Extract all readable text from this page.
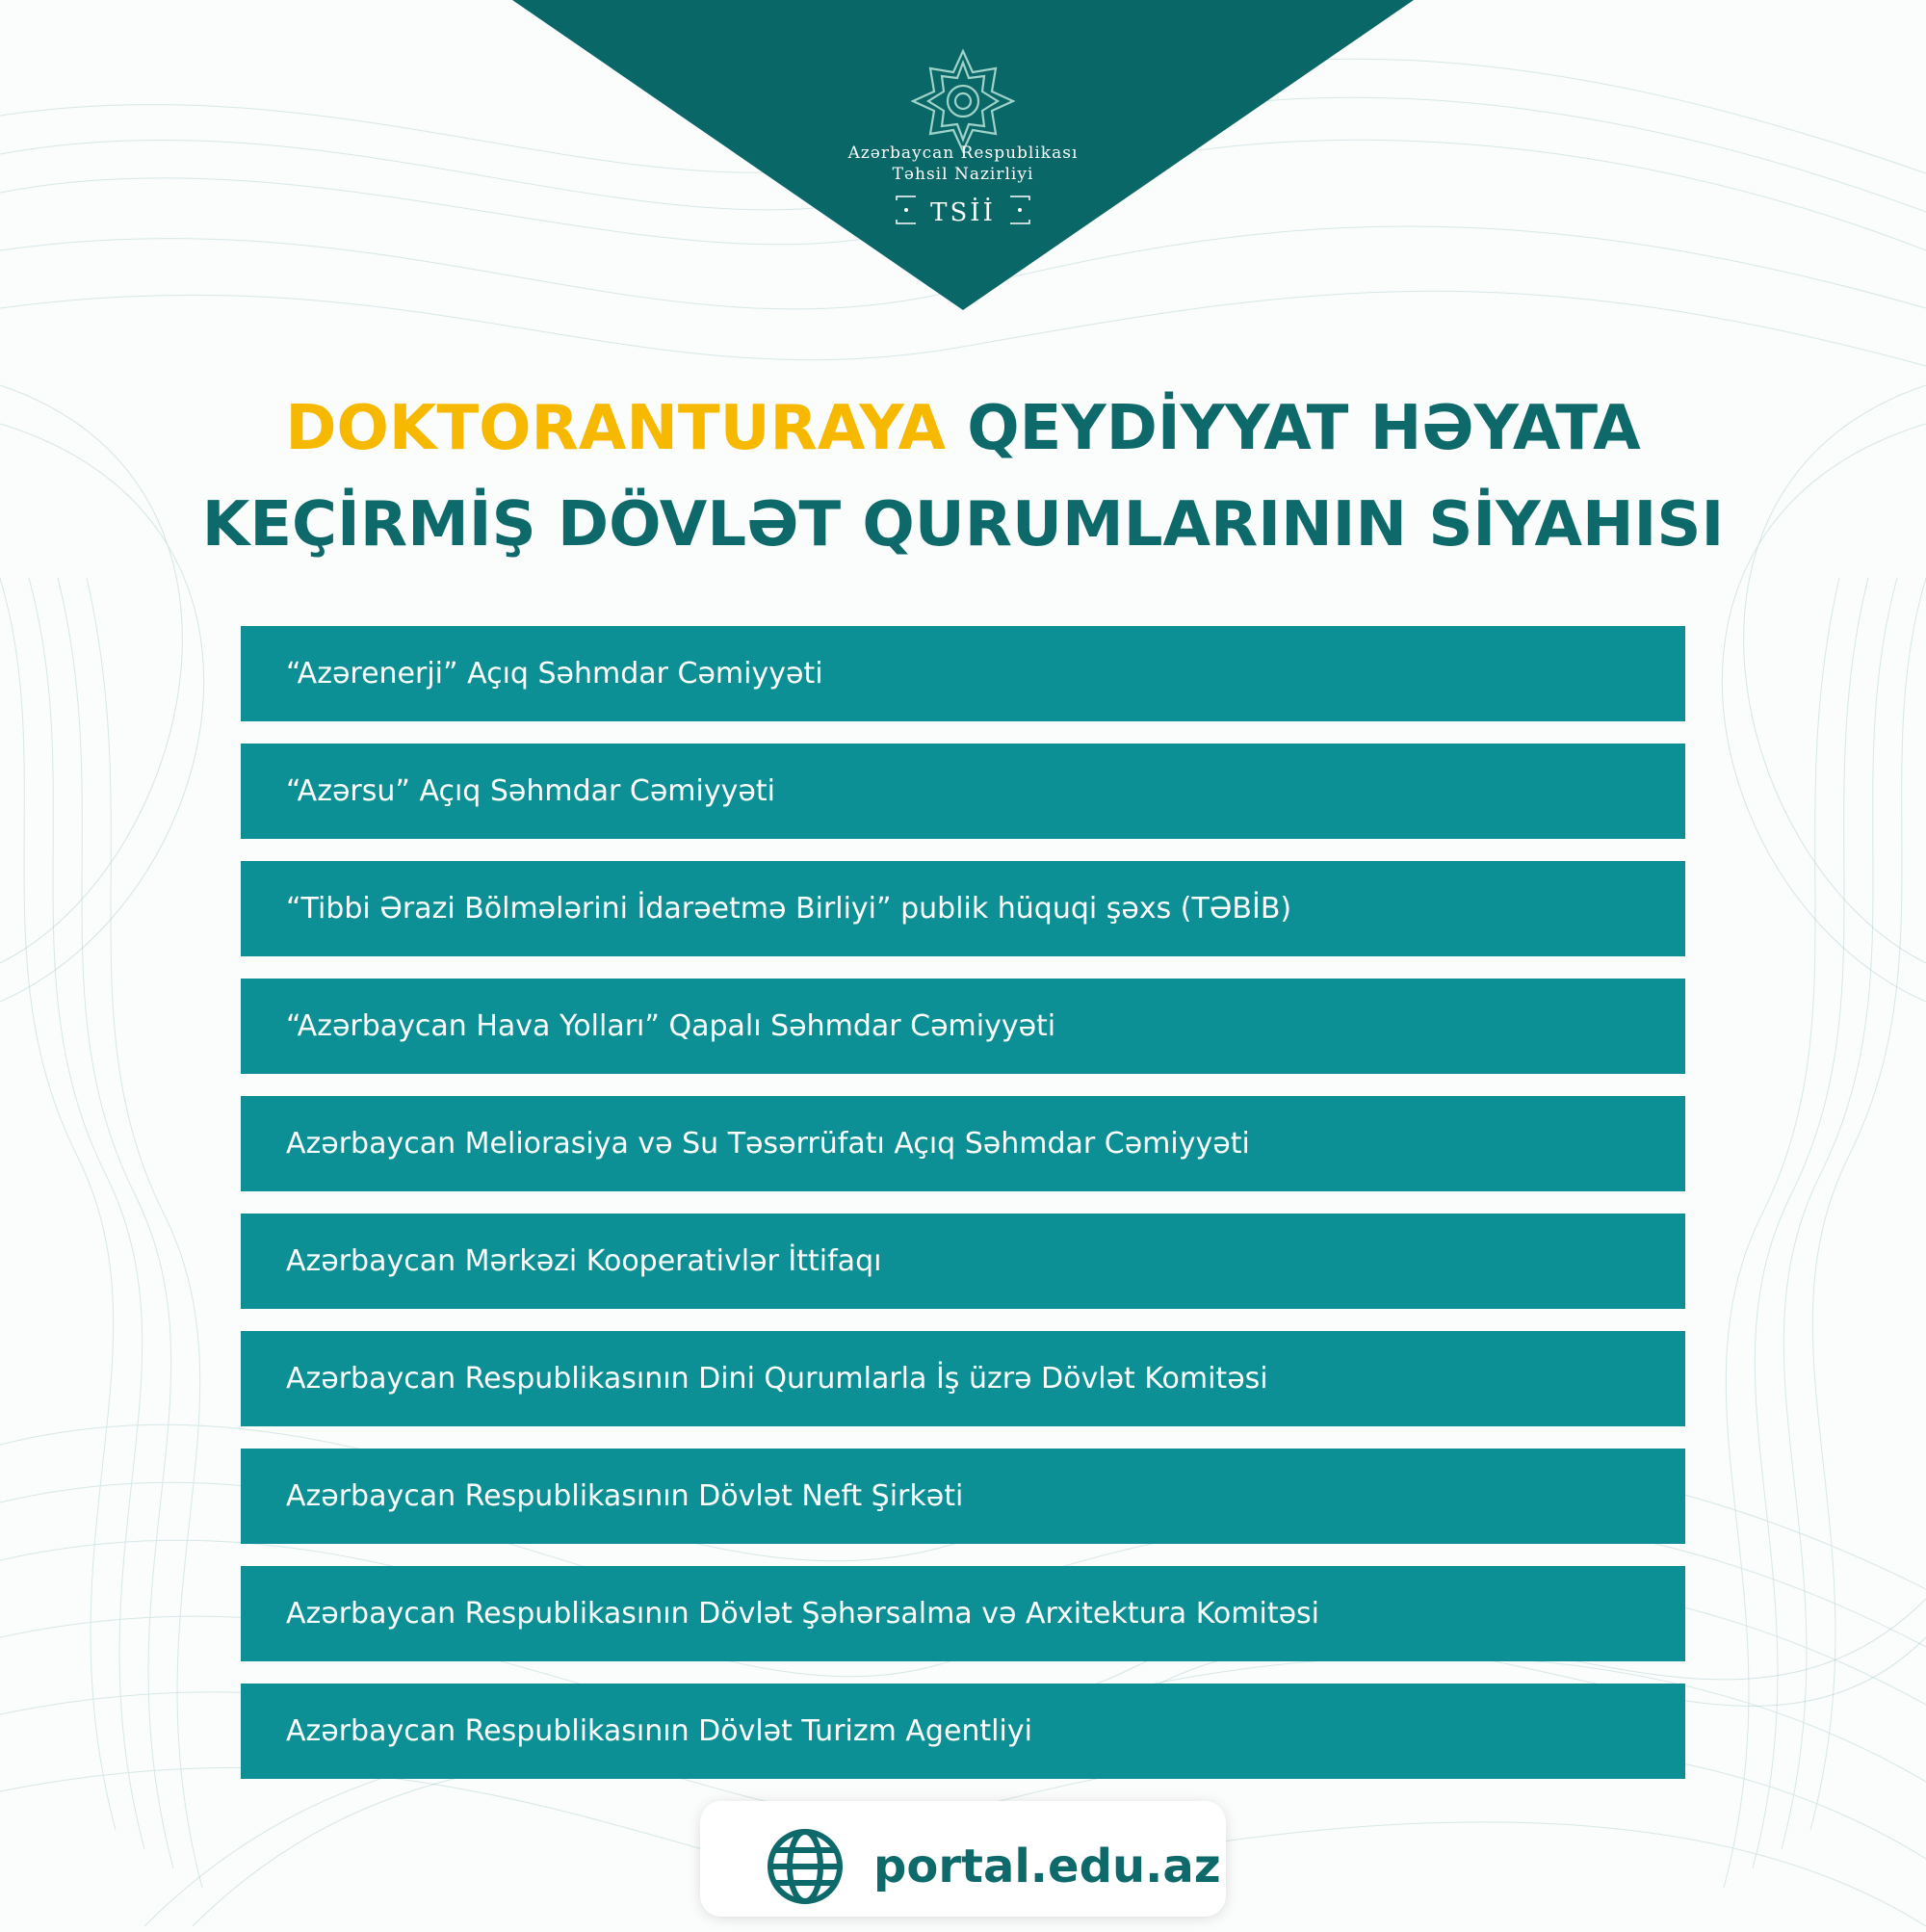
Azərbaycan Respublikası
Təhsil Nazirliyi
TSİİ
DOKTORANTURAYA QEYDİYYAT HƏYATA
KEÇİRMİŞ DÖVLƏT QURUMLARININ SİYAHISI
“Azərenerji” Açıq Səhmdar Cəmiyyəti
“Azərsu” Açıq Səhmdar Cəmiyyəti
“Tibbi Ərazi Bölmələrini İdarəetmə Birliyi” publik hüquqi şəxs (TƏBİB)
“Azərbaycan Hava Yolları” Qapalı Səhmdar Cəmiyyəti
Azərbaycan Meliorasiya və Su Təsərrüfatı Açıq Səhmdar Cəmiyyəti
Azərbaycan Mərkəzi Kooperativlər İttifaqı
Azərbaycan Respublikasının Dini Qurumlarla İş üzrə Dövlət Komitəsi
Azərbaycan Respublikasının Dövlət Neft Şirkəti
Azərbaycan Respublikasının Dövlət Şəhərsalma və Arxitektura Komitəsi
Azərbaycan Respublikasının Dövlət Turizm Agentliyi
portal.edu.az
